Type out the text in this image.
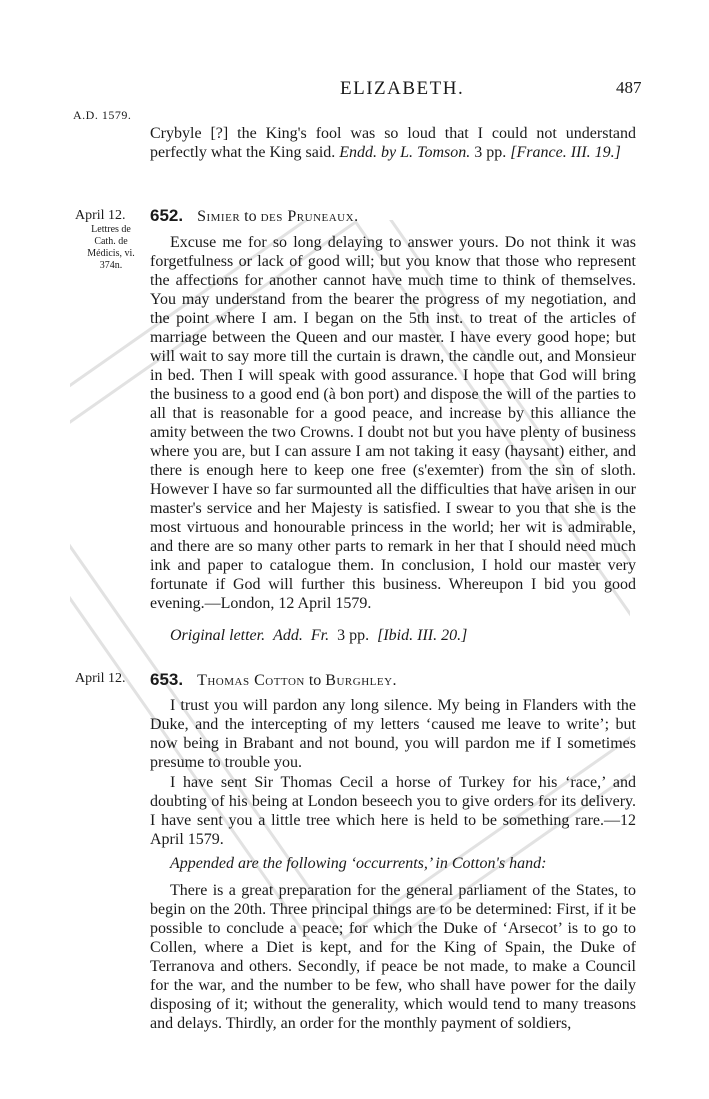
ELIZABETH.	487
A.D. 1579.

Crybyle [?] the King's fool was so loud that I could not understand perfectly what the King said. Endd. by L. Tomson. 3 pp. [France. III. 19.]

April 12.
Lettres de
Cath. de
Médicis, vi.
374n.
652. Simier to des Pruneaux.

Excuse me for so long delaying to answer yours. Do not think it was forgetfulness or lack of good will; but you know that those who represent the affections for another cannot have much time to think of themselves. You may understand from the bearer the progress of my negotiation, and the point where I am. I began on the 5th inst. to treat of the articles of marriage between the Queen and our master. I have every good hope; but will wait to say more till the curtain is drawn, the candle out, and Monsieur in bed. Then I will speak with good assurance. I hope that God will bring the business to a good end (à bon port) and dispose the will of the parties to all that is reasonable for a good peace, and increase by this alliance the amity between the two Crowns. I doubt not but you have plenty of business where you are, but I can assure I am not taking it easy (haysant) either, and there is enough here to keep one free (s'exemter) from the sin of sloth. However I have so far surmounted all the difficulties that have arisen in our master's service and her Majesty is satisfied. I swear to you that she is the most virtuous and honourable princess in the world; her wit is admirable, and there are so many other parts to remark in her that I should need much ink and paper to catalogue them. In conclusion, I hold our master very fortunate if God will further this business. Whereupon I bid you good evening.—London, 12 April 1579.

Original letter. Add. Fr. 3 pp. [Ibid. III. 20.]

April 12. 653. Thomas Cotton to Burghley.

I trust you will pardon any long silence. My being in Flanders with the Duke, and the intercepting of my letters ‘caused me leave to write’; but now being in Brabant and not bound, you will pardon me if I sometimes presume to trouble you.

I have sent Sir Thomas Cecil a horse of Turkey for his ‘race,’ and doubting of his being at London beseech you to give orders for its delivery. I have sent you a little tree which here is held to be something rare.—12 April 1579.

Appended are the following ‘occurrents,’ in Cotton's hand:

There is a great preparation for the general parliament of the States, to begin on the 20th. Three principal things are to be determined: First, if it be possible to conclude a peace; for which the Duke of ‘Arsecot’ is to go to Collen, where a Diet is kept, and for the King of Spain, the Duke of Terranova and others. Secondly, if peace be not made, to make a Council for the war, and the number to be few, who shall have power for the daily disposing of it; without the generality, which would tend to many treasons and delays. Thirdly, an order for the monthly payment of soldiers,
